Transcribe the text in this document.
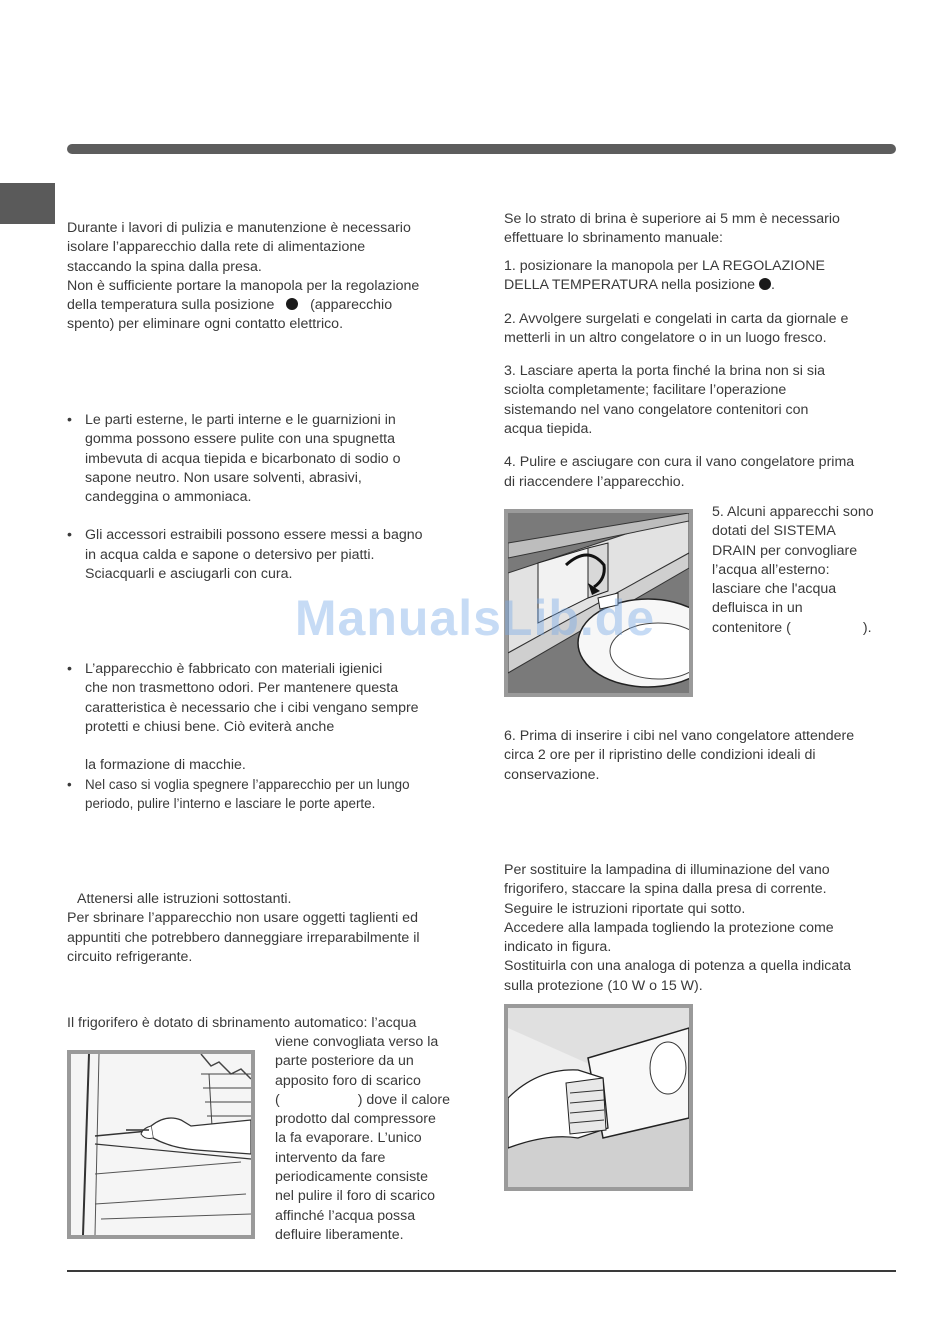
Durante i lavori di pulizia e manutenzione è necessario
isolare l’apparecchio dalla rete di alimentazione
staccando la spina dalla presa.
Non è sufficiente portare la manopola per la regolazione
della temperatura sulla posizione	(apparecchio
spento) per eliminare ogni contatto elettrico.
• Le parti esterne, le parti interne e le guarnizioni in
gomma possono essere pulite con una spugnetta
imbevuta di acqua tiepida e bicarbonato di sodio o
sapone neutro. Non usare solventi, abrasivi,
candeggina o ammoniaca.
• Gli accessori estraibili possono essere messi a bagno
in acqua calda e sapone o detersivo per piatti.
Sciacquarli e asciugarli con cura.
• L’apparecchio è fabbricato con materiali igienici
che non trasmettono odori. Per mantenere questa
caratteristica è necessario che i cibi vengano sempre
protetti e chiusi bene. Ciò eviterà anche
la formazione di macchie.
• Nel caso si voglia spegnere l’apparecchio per un lungo
periodo, pulire l’interno e lasciare le porte aperte.
Attenersi alle istruzioni sottostanti.
Per sbrinare l’apparecchio non usare oggetti taglienti ed
appuntiti che potrebbero danneggiare irreparabilmente il
circuito refrigerante.
Il frigorifero è dotato di sbrinamento automatico: l’acqua
viene convogliata verso la
parte posteriore da un
apposito foro di scarico
(	) dove il calore
prodotto dal compressore
la fa evaporare. L’unico
intervento da fare
periodicamente consiste
nel pulire il foro di scarico
affinché l’acqua possa
defluire liberamente.
Se lo strato di brina è superiore ai 5 mm è necessario
effettuare lo sbrinamento manuale:
1. posizionare la manopola per LA REGOLAZIONE
DELLA TEMPERATURA nella posizione .
2. Avvolgere surgelati e congelati in carta da giornale e
metterli in un altro congelatore o in un luogo fresco.
3. Lasciare aperta la porta finché la brina non si sia
sciolta completamente; facilitare l’operazione
sistemando nel vano congelatore contenitori con
acqua tiepida.
4. Pulire e asciugare con cura il vano congelatore prima
di riaccendere l’apparecchio.
5. Alcuni apparecchi sono
dotati del SISTEMA
DRAIN per convogliare
l’acqua all’esterno:
lasciare che l'acqua
defluisca in un
contenitore (	).
6. Prima di inserire i cibi nel vano congelatore attendere
circa 2 ore per il ripristino delle condizioni ideali di
conservazione.
Per sostituire la lampadina di illuminazione del vano
frigorifero, staccare la spina dalla presa di corrente.
Seguire le istruzioni riportate qui sotto.
Accedere alla lampada togliendo la protezione come
indicato in figura.
Sostituirla con una analoga di potenza a quella indicata
sulla protezione (10 W o 15 W).
ManualsLib.de
